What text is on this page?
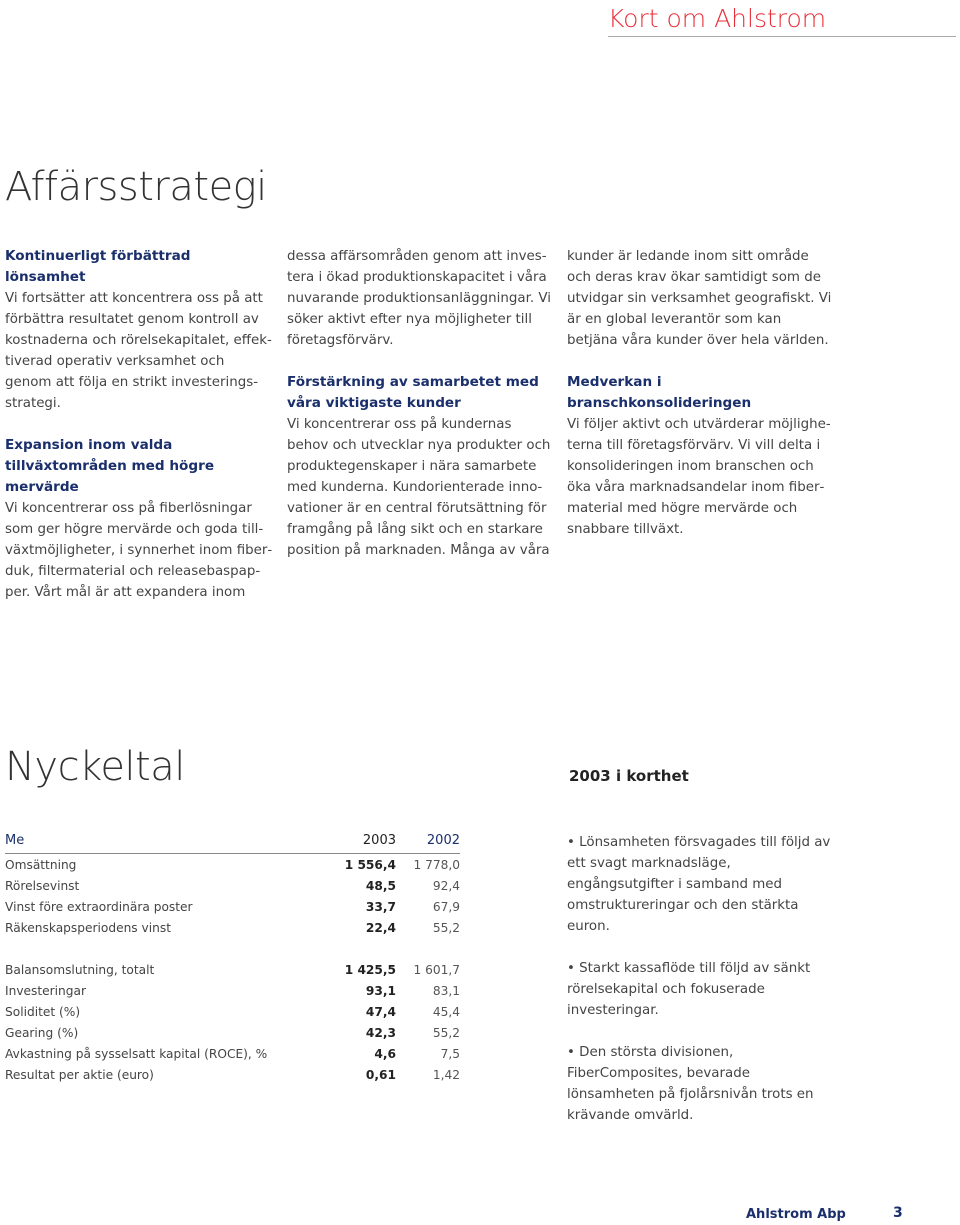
Kort om Ahlstrom
Affärsstrategi
Kontinuerligt förbättrad lönsamhet

Vi fortsätter att koncentrera oss på att förbättra resultatet genom kontroll av kostnaderna och rörelsekapitalet, effektiverad operativ verksamhet och genom att följa en strikt investeringsstrategi.

Expansion inom valda tillväxtområden med högre mervärde

Vi koncentrerar oss på fiberlösningar som ger högre mervärde och goda tillväxtmöjligheter, i synnerhet inom fiberduk, filtermaterial och releasebaspapper. Vårt mål är att expandera inom

dessa affärsområden genom att investera i ökad produktionskapacitet i våra nuvarande produktionsanläggningar. Vi söker aktivt efter nya möjligheter till företagsförvärv.

Förstärkning av samarbetet med våra viktigaste kunder

Vi koncentrerar oss på kundernas behov och utvecklar nya produkter och produktegenskaper i nära samarbete med kunderna. Kundorienterade innovationer är en central förutsättning för framgång på lång sikt och en starkare position på marknaden. Många av våra

kunder är ledande inom sitt område och deras krav ökar samtidigt som de utvidgar sin verksamhet geografiskt. Vi är en global leverantör som kan betjäna våra kunder över hela världen.

Medverkan i branschkonsolideringen

Vi följer aktivt och utvärderar möjligheterna till företagsförvärv. Vi vill delta i konsolideringen inom branschen och öka våra marknadsandelar inom fibermaterial med högre mervärde och snabbare tillväxt.

Nyckeltal	2003 i korthet
Me	2003	2002
Omsättning	1 556,4	1 778,0
Rörelsevinst	48,5	92,4
Vinst före extraordinära poster	33,7	67,9
Räkenskapsperiodens vinst	22,4	55,2

Balansomslutning, totalt	1 425,5	1 601,7
Investeringar	93,1	83,1
Soliditet (%)	47,4	45,4
Gearing (%)	42,3	55,2
Avkastning på sysselsatt kapital (ROCE), %	4,6	7,5
Resultat per aktie (euro)	0,61	1,42

• Lönsamheten försvagades till följd av ett svagt marknadsläge, engångsutgifter i samband med omstruktureringar och den stärkta euron.

• Starkt kassaflöde till följd av sänkt rörelsekapital och fokuserade investeringar.

• Den största divisionen, FiberComposites, bevarade lönsamheten på fjolårsnivån trots en krävande omvärld.

Ahlstrom Abp	3
